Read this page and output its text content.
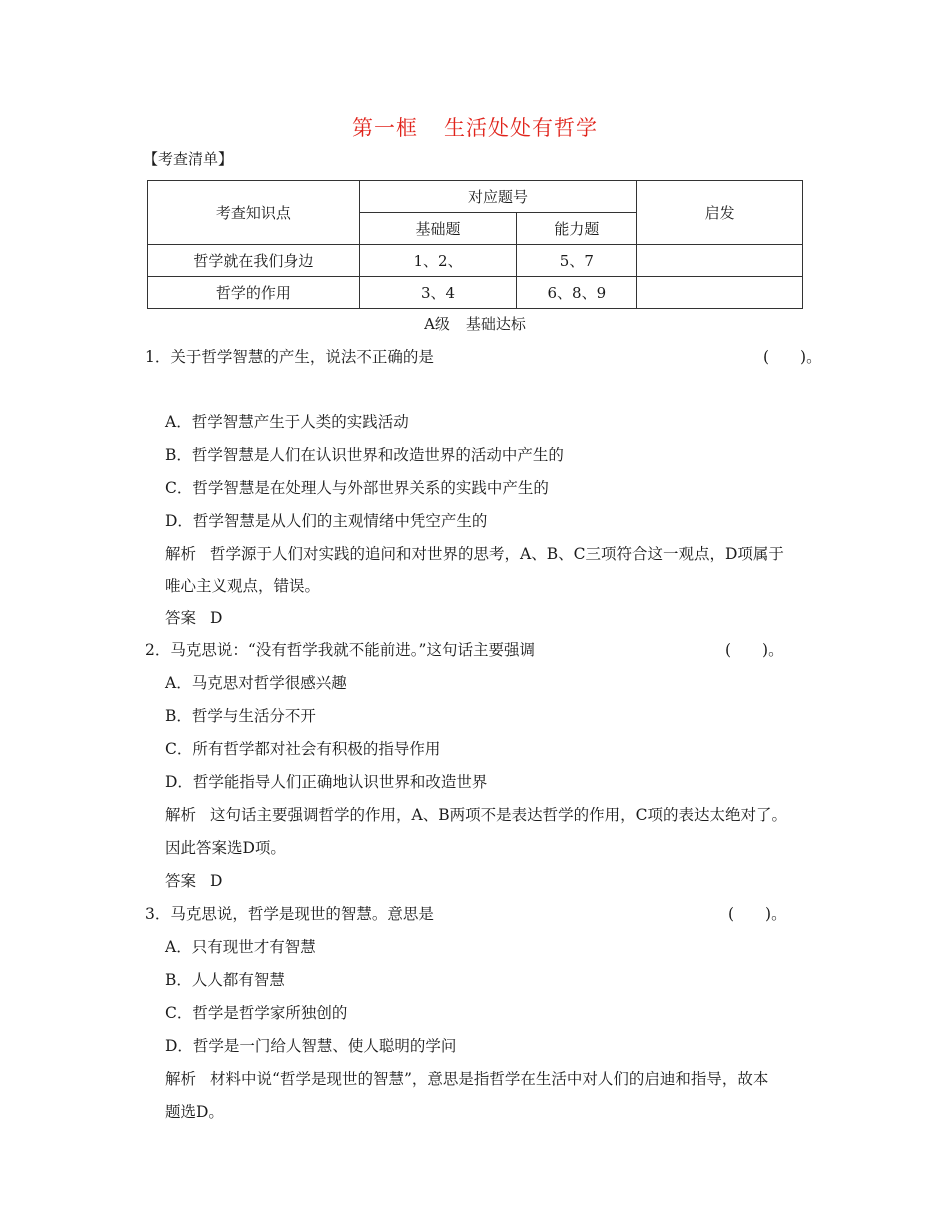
第一框 生活处处有哲学
【考查清单】
考查知识点	对应题号		启发
	基础题	能力题	
哲学就在我们身边	1、2、	5、7	
哲学的作用	3、4	6、8、9	
A级 基础达标
1．关于哲学智慧的产生，说法不正确的是	(　　)。
A．哲学智慧产生于人类的实践活动
B．哲学智慧是人们在认识世界和改造世界的活动中产生的
C．哲学智慧是在处理人与外部世界关系的实践中产生的
D．哲学智慧是从人们的主观情绪中凭空产生的
解析 哲学源于人们对实践的追问和对世界的思考，A、B、C三项符合这一观点，D项属于
唯心主义观点，错误。
答案 D
2．马克思说：“没有哲学我就不能前进。”这句话主要强调	(　　)。
A．马克思对哲学很感兴趣
B．哲学与生活分不开
C．所有哲学都对社会有积极的指导作用
D．哲学能指导人们正确地认识世界和改造世界
解析 这句话主要强调哲学的作用，A、B两项不是表达哲学的作用，C项的表达太绝对了。
因此答案选D项。
答案 D
3．马克思说，哲学是现世的智慧。意思是	(　　)。
A．只有现世才有智慧
B．人人都有智慧
C．哲学是哲学家所独创的
D．哲学是一门给人智慧、使人聪明的学问
解析 材料中说“哲学是现世的智慧”，意思是指哲学在生活中对人们的启迪和指导，故本
题选D。
